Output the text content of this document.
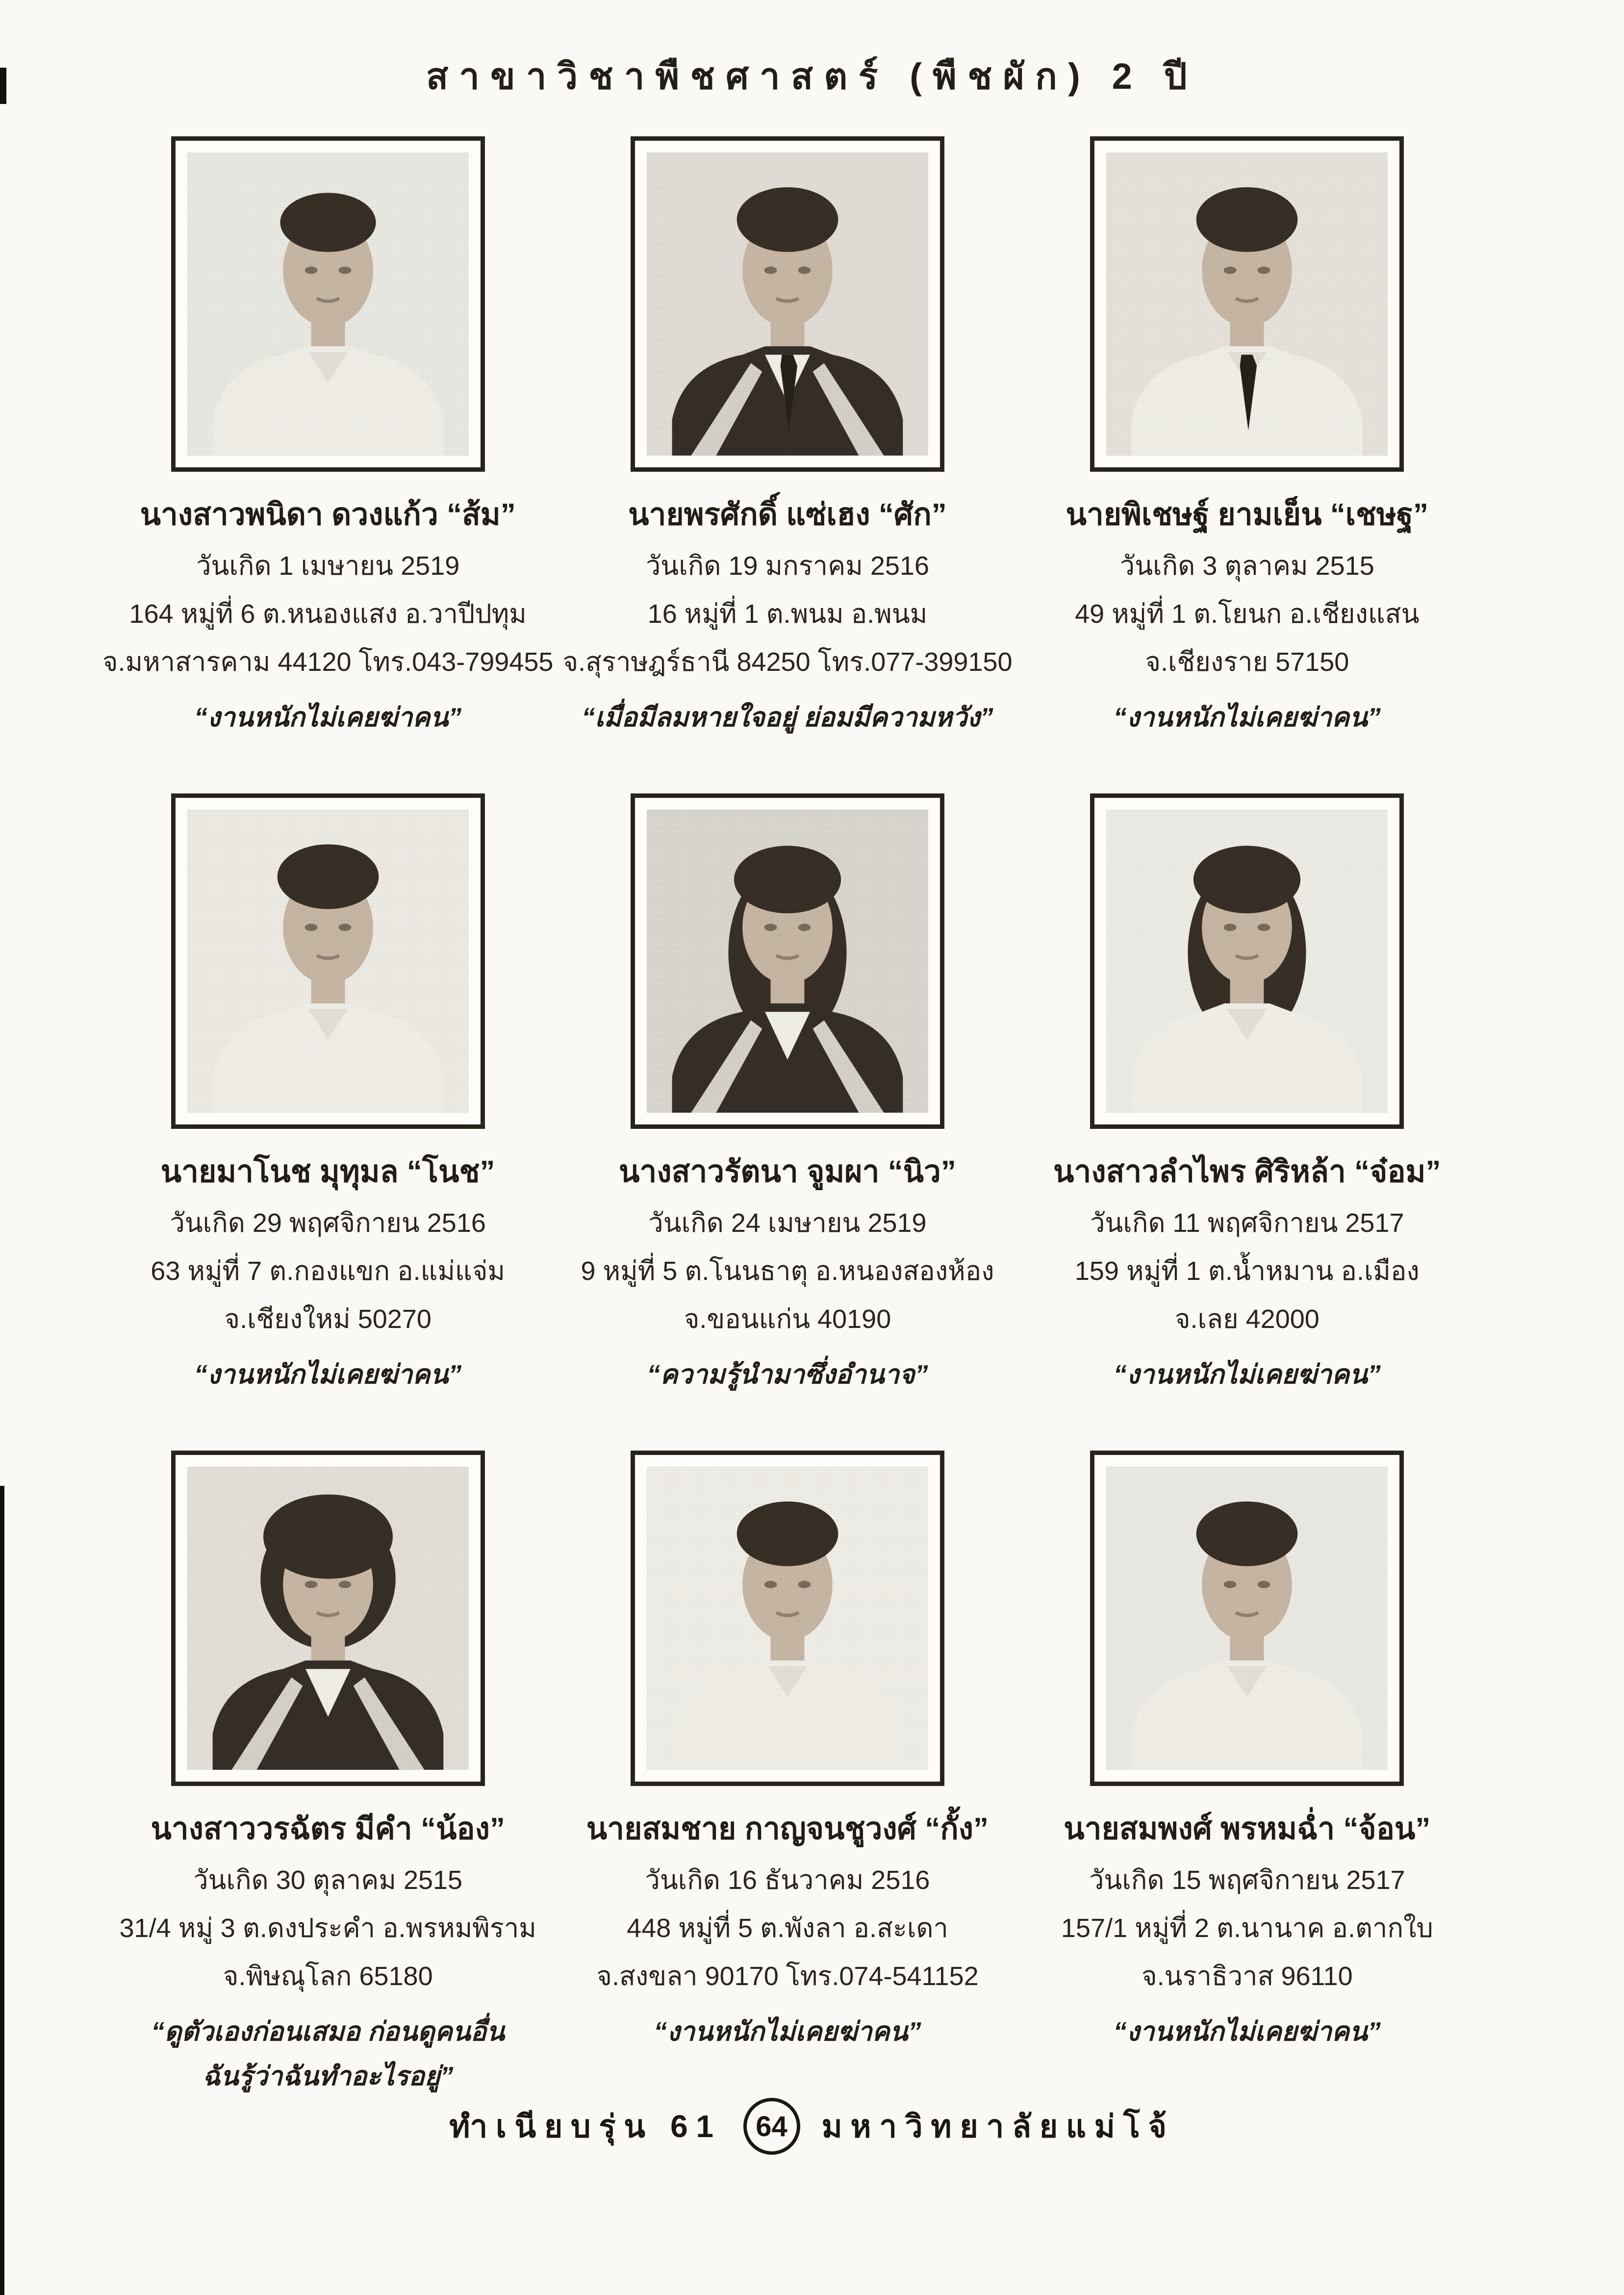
สาขาวิชาพืชศาสตร์ (พืชผัก) 2 ปี

นางสาวพนิดา ดวงแก้ว “ส้ม”

วันเกิด 1 เมษายน 2519

164 หมู่ที่ 6 ต.หนองแสง อ.วาปีปทุม

จ.มหาสารคาม 44120 โทร.043-799455

“งานหนักไม่เคยฆ่าคน”

นายพรศักดิ์ แซ่เฮง “ศัก”

วันเกิด 19 มกราคม 2516

16 หมู่ที่ 1 ต.พนม อ.พนม

จ.สุราษฎร์ธานี 84250 โทร.077-399150

“เมื่อมีลมหายใจอยู่ ย่อมมีความหวัง”

นายพิเชษฐ์ ยามเย็น “เชษฐ”

วันเกิด 3 ตุลาคม 2515

49 หมู่ที่ 1 ต.โยนก อ.เชียงแสน

จ.เชียงราย 57150

“งานหนักไม่เคยฆ่าคน”

นายมาโนช มุทุมล “โนช”

วันเกิด 29 พฤศจิกายน 2516

63 หมู่ที่ 7 ต.กองแขก อ.แม่แจ่ม

จ.เชียงใหม่ 50270

“งานหนักไม่เคยฆ่าคน”

นางสาวรัตนา จูมผา “นิว”

วันเกิด 24 เมษายน 2519

9 หมู่ที่ 5 ต.โนนธาตุ อ.หนองสองห้อง

จ.ขอนแก่น 40190

“ความรู้นำมาซึ่งอำนาจ”

นางสาวลำไพร ศิริหล้า “จ๋อม”

วันเกิด 11 พฤศจิกายน 2517

159 หมู่ที่ 1 ต.น้ำหมาน อ.เมือง

จ.เลย 42000

“งานหนักไม่เคยฆ่าคน”

นางสาววรฉัตร มีคำ “น้อง”

วันเกิด 30 ตุลาคม 2515

31/4 หมู่ 3 ต.ดงประคำ อ.พรหมพิราม

จ.พิษณุโลก 65180

“ดูตัวเองก่อนเสมอ ก่อนดูคนอื่น
ฉันรู้ว่าฉันทำอะไรอยู่”

นายสมชาย กาญจนชูวงศ์ “กั้ง”

วันเกิด 16 ธันวาคม 2516

448 หมู่ที่ 5 ต.พังลา อ.สะเดา

จ.สงขลา 90170 โทร.074-541152

“งานหนักไม่เคยฆ่าคน”

นายสมพงศ์ พรหมฉ่ำ “จ้อน”

วันเกิด 15 พฤศจิกายน 2517

157/1 หมู่ที่ 2 ต.นานาค อ.ตากใบ

จ.นราธิวาส 96110

“งานหนักไม่เคยฆ่าคน”

ทำเนียบรุ่น 61 64 มหาวิทยาลัยแม่โจ้
